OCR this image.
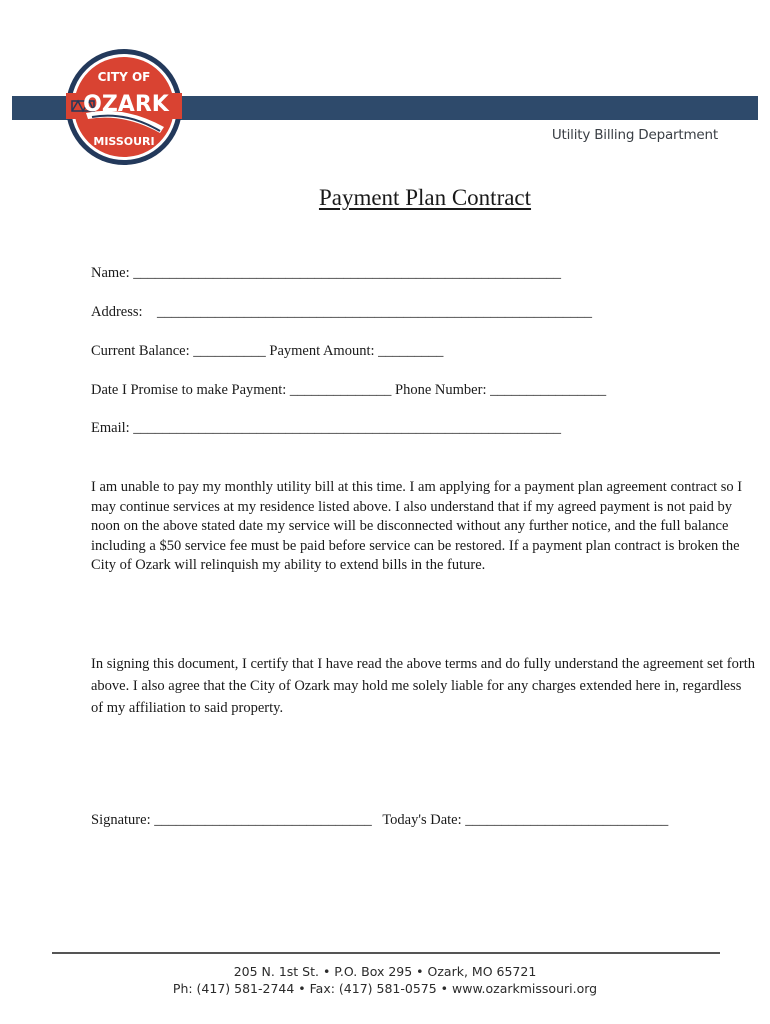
CITY OF
OZARK
MISSOURI	Utility Billing Department
Payment Plan Contract
Name: ___________________________________________________________
Address:    ____________________________________________________________
Current Balance: __________ Payment Amount: _________
Date I Promise to make Payment: ______________ Phone Number: ________________
Email: ___________________________________________________________
I am unable to pay my monthly utility bill at this time. I am applying for a payment plan agreement contract so I may continue services at my residence listed above. I also understand that if my agreed payment is not paid by noon on the above stated date my service will be disconnected without any further notice, and the full balance including a $50 service fee must be paid before service can be restored. If a payment plan contract is broken the City of Ozark will relinquish my ability to extend bills in the future.
In signing this document, I certify that I have read the above terms and do fully understand the agreement set forth above. I also agree that the City of Ozark may hold me solely liable for any charges extended here in, regardless of my affiliation to said property.
Signature: ______________________________   Today's Date: ____________________________
205 N. 1st St. • P.O. Box 295 • Ozark, MO 65721
Ph: (417) 581-2744 • Fax: (417) 581-0575 • www.ozarkmissouri.org
